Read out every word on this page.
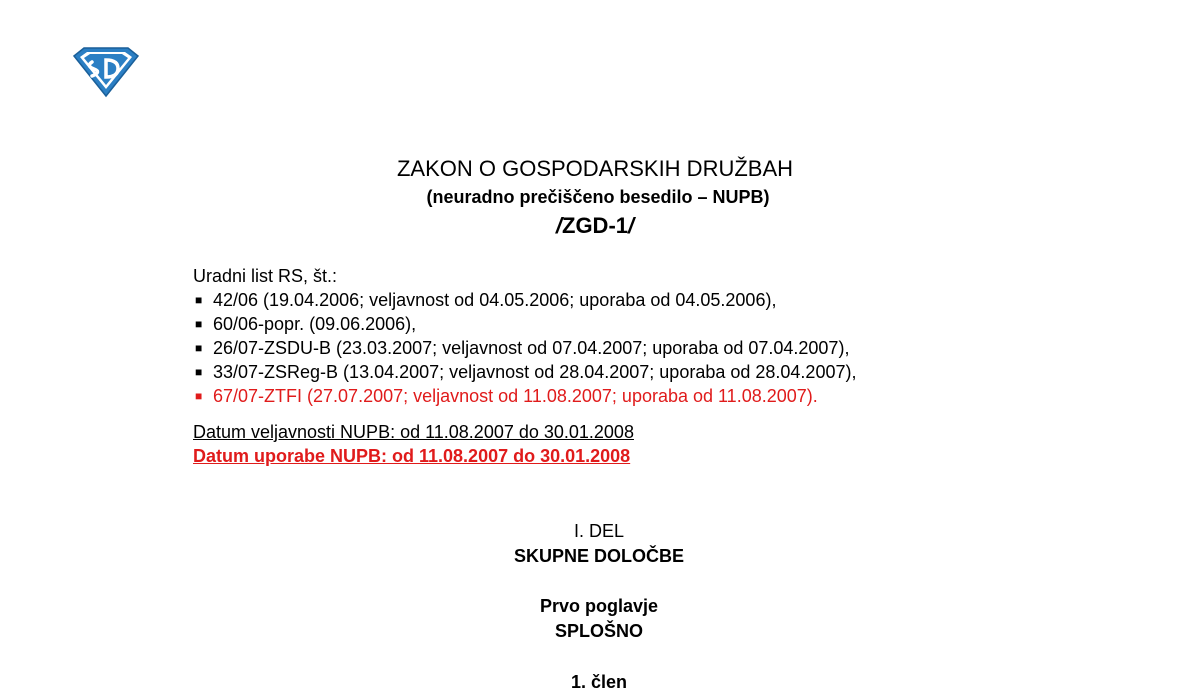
ZAKON O GOSPODARSKIH DRUŽBAH
(neuradno prečiščeno besedilo – NUPB)
/ZGD-1/
Uradni list RS, št.:
■ 42/06 (19.04.2006; veljavnost od 04.05.2006; uporaba od 04.05.2006),
■ 60/06-popr. (09.06.2006),
■ 26/07-ZSDU-B (23.03.2007; veljavnost od 07.04.2007; uporaba od 07.04.2007),
■ 33/07-ZSReg-B (13.04.2007; veljavnost od 28.04.2007; uporaba od 28.04.2007),
■ 67/07-ZTFI (27.07.2007; veljavnost od 11.08.2007; uporaba od 11.08.2007).
Datum veljavnosti NUPB: od 11.08.2007 do 30.01.2008
Datum uporabe NUPB: od 11.08.2007 do 30.01.2008
I. DEL
SKUPNE DOLOČBE
Prvo poglavje
SPLOŠNO
1. člen
